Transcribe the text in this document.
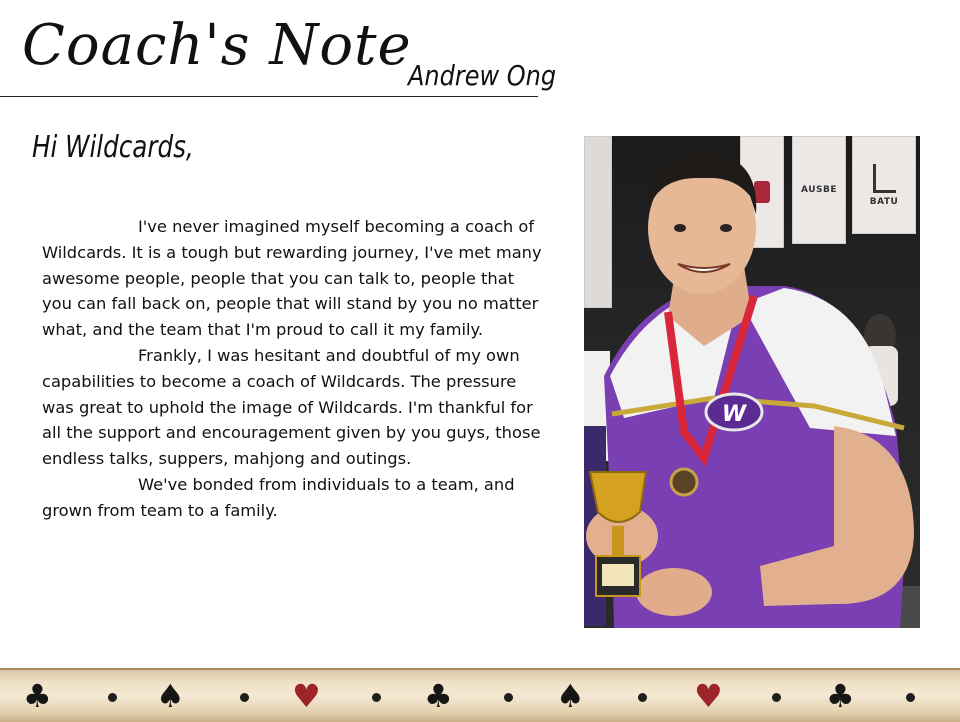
Coach's Note
Andrew Ong
Hi Wildcards,

I've never imagined myself becoming a coach of Wildcards. It is a tough but rewarding journey, I've met many awesome people, people that you can talk to, people that you can fall back on, people that will stand by you no matter what, and the team that I'm proud to call it my family.

Frankly, I was hesitant and doubtful of my own capabilities to become a coach of Wildcards. The pressure was great to uphold the image of Wildcards. I'm thankful for all the support and encouragement given by you guys, those endless talks, suppers, mahjong and outings.

We've bonded from individuals to a team, and grown from team to a family.

AUSBE
BATU
W
♣	♠	♥	♣	♠	♥	♣
